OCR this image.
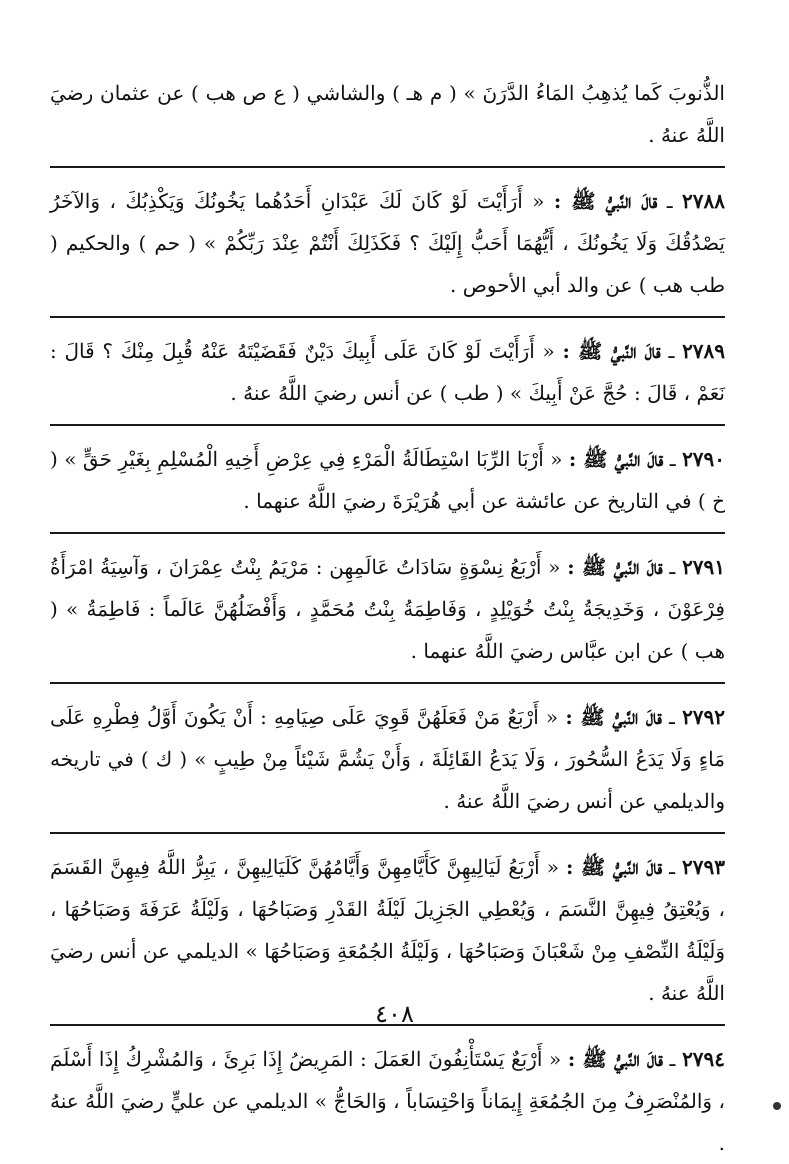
الذُّنوبَ كَما يُذهِبُ المَاءُ الدَّرَنَ » ( م هـ ) والشاشي ( ع ص هب ) عن عثمان رضيَ اللَّهُ عنهُ .

٢٧٨٨ ـ قالَ النَّبيُّ ﷺ : « أَرَأَيْتَ لَوْ كَانَ لَكَ عَبْدَانِ أَحَدُهُما يَخُونُكَ وَيَكْذِبُكَ ، وَالآخَرُ يَصْدُقُكَ وَلَا يَخُونُكَ ، أَيُّهُمَا أَحَبُّ إِلَيْكَ ؟ فَكَذَلِكَ أَنْتُمْ عِنْدَ رَبِّكُمْ » ( حم ) والحكيم ( طب هب ) عن والد أبي الأحوص .

٢٧٨٩ ـ قالَ النَّبيُّ ﷺ : « أَرَأَيْتَ لَوْ كَانَ عَلَى أَبِيكَ دَيْنٌ فَقَضَيْتَهُ عَنْهُ قُبِلَ مِنْكَ ؟ قَالَ : نَعَمْ ، قَالَ : حُجَّ عَنْ أَبِيكَ » ( طب ) عن أنس رضيَ اللَّهُ عنهُ .

٢٧٩٠ ـ قالَ النَّبيُّ ﷺ : « أَرْبَا الرِّبَا اسْتِطَالَةُ الْمَرْءِ فِي عِرْضِ أَخِيهِ الْمُسْلِمِ بِغَيْرِ حَقٍّ » ( خ ) في التاريخ عن عائشة عن أبي هُرَيْرَةَ رضيَ اللَّهُ عنهما .

٢٧٩١ ـ قالَ النَّبيُّ ﷺ : « أَرْبَعُ نِسْوَةٍ سَادَاتُ عَالَمِهِن : مَرْيَمُ بِنْتُ عِمْرَانَ ، وَآسِيَةُ امْرَأَةُ فِرْعَوْنَ ، وَخَدِيجَةُ بِنْتُ خُوَيْلِدٍ ، وَفَاطِمَةُ بِنْتُ مُحَمَّدٍ ، وَأَفْضَلُهُنَّ عَالَماً : فَاطِمَةُ » ( هب ) عن ابن عبَّاس رضيَ اللَّهُ عنهما .

٢٧٩٢ ـ قالَ النَّبيُّ ﷺ : « أَرْبَعٌ مَنْ فَعَلَهُنَّ قَوِيَ عَلَى صِيَامِهِ : أَنْ يَكُونَ أَوَّلُ فِطْرِهِ عَلَى مَاءٍ وَلَا يَدَعُ السُّحُورَ ، وَلَا يَدَعُ القَائِلَةَ ، وَأَنْ يَشُمَّ شَيْئاً مِنْ طِيبٍ » ( ك ) في تاريخه والديلمي عن أنس رضيَ اللَّهُ عنهُ .

٢٧٩٣ ـ قالَ النَّبيُّ ﷺ : « أَرْبَعُ لَيَالِيهِنَّ كَأَيَّامِهِنَّ وَأَيَّامُهُنَّ كَلَيَالِيهِنَّ ، يَبِرُّ اللَّهُ فِيهِنَّ القَسَمَ ، وَيُعْتِقُ فِيهِنَّ النَّسَمَ ، وَيُعْطِي الجَزِيلَ لَيْلَةُ القَدْرِ وَصَبَاحُهَا ، وَلَيْلَةُ عَرَفَةَ وَصَبَاحُهَا ، وَلَيْلَةُ النِّصْفِ مِنْ شَعْبَانَ وَصَبَاحُهَا ، وَلَيْلَةُ الجُمُعَةِ وَصَبَاحُهَا » الديلمي عن أنس رضيَ اللَّهُ عنهُ .

٢٧٩٤ ـ قالَ النَّبيُّ ﷺ : « أَرْبَعٌ يَسْتَأْنِفُونَ العَمَلَ : المَرِيضُ إِذَا بَرِئَ ، وَالمُشْرِكُ إِذَا أَسْلَمَ ، وَالمُنْصَرِفُ مِنَ الجُمُعَةِ إِيمَاناً وَاحْتِسَاباً ، وَالحَاجُّ » الديلمي عن عليٍّ رضيَ اللَّهُ عنهُ .

٤٠٨
